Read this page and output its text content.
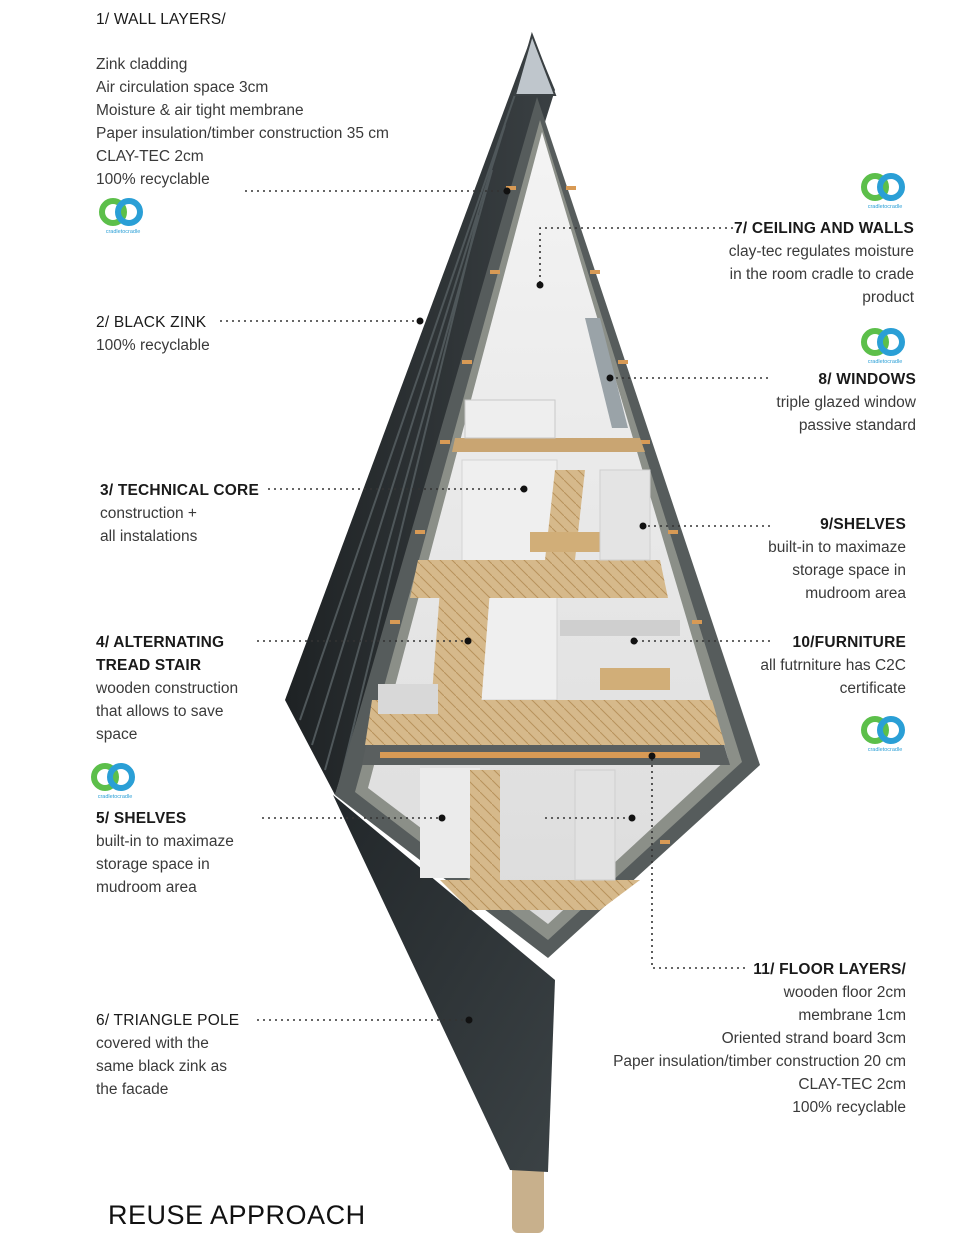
1/ WALL LAYERS/
Zink cladding
Air circulation space 3cm
Moisture & air tight membrane
Paper insulation/timber construction 35 cm
CLAY-TEC 2cm
100% recyclable
2/ BLACK ZINK
100% recyclable
3/ TECHNICAL CORE
construction +
all instalations
4/ ALTERNATING
TREAD STAIR
wooden construction
that allows to save
space
5/ SHELVES
built-in to maximaze
storage space in
mudroom area
6/ TRIANGLE POLE
covered with the
same black zink as
the facade
7/ CEILING AND WALLS
clay-tec regulates moisture
in the room cradle to crade
product
8/ WINDOWS
triple glazed window
passive standard
9/SHELVES
built-in to maximaze
storage space in
mudroom area
10/FURNITURE
all futrniture has C2C
certificate
11/ FLOOR LAYERS/
wooden floor 2cm
membrane 1cm
Oriented strand board 3cm
Paper insulation/timber construction 20 cm
CLAY-TEC 2cm
100% recyclable
cradletocradle
cradletocradle
cradletocradle
cradletocradle
cradletocradle
REUSE APPROACH
